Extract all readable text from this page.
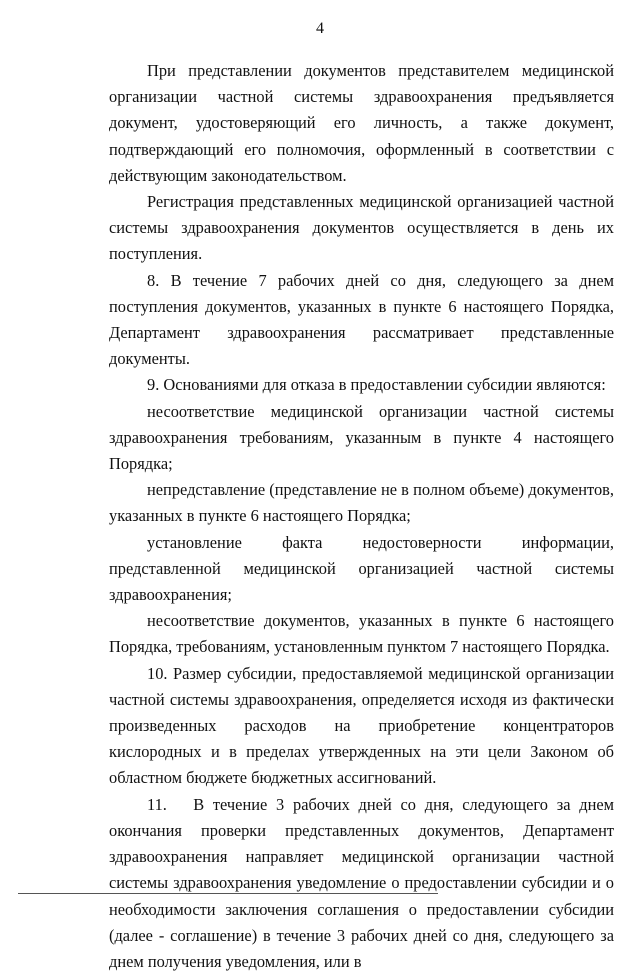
4

При представлении документов представителем медицинской организации частной системы здравоохранения предъявляется документ, удостоверяющий его личность, а также документ, подтверждающий его полномочия, оформленный в соответствии с действующим законодательством.

Регистрация представленных медицинской организацией частной системы здравоохранения документов осуществляется в день их поступления.

8. В течение 7 рабочих дней со дня, следующего за днем поступления документов, указанных в пункте 6 настоящего Порядка, Департамент здравоохранения рассматривает представленные документы.

9. Основаниями для отказа в предоставлении субсидии являются:

несоответствие медицинской организации частной системы здравоохранения требованиям, указанным в пункте 4 настоящего Порядка;

непредставление (представление не в полном объеме) документов, указанных в пункте 6 настоящего Порядка;

установление факта недостоверности информации, представленной медицинской организацией частной системы здравоохранения;

несоответствие документов, указанных в пункте 6 настоящего Порядка, требованиям, установленным пунктом 7 настоящего Порядка.

10. Размер субсидии, предоставляемой медицинской организации частной системы здравоохранения, определяется исходя из фактически произведенных расходов на приобретение концентраторов кислородных и в пределах утвержденных на эти цели Законом об областном бюджете бюджетных ассигнований.

11.   В течение 3 рабочих дней со дня, следующего за днем окончания проверки представленных документов, Департамент здравоохранения направляет медицинской организации частной системы здравоохранения уведомление о предоставлении субсидии и о необходимости заключения соглашения о предоставлении субсидии (далее - соглашение) в течение 3 рабочих дней со дня, следующего за днем получения уведомления, или в
